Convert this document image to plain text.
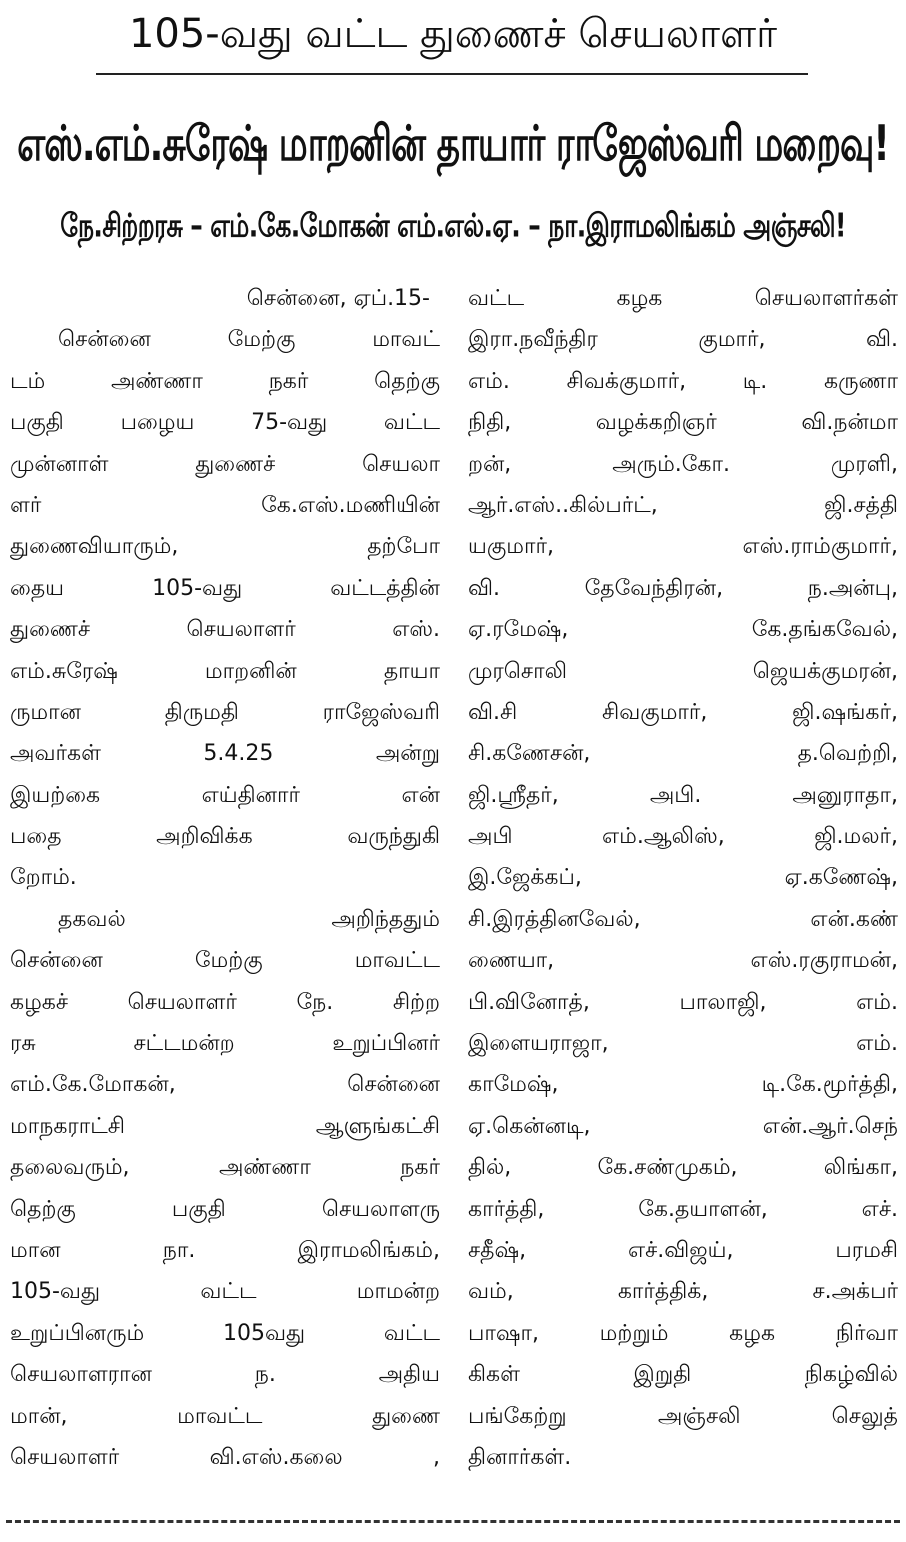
105-வது வட்ட துணைச் செயலாளர்
எஸ்.எம்.சுரேஷ் மாறனின் தாயார் ராஜேஸ்வரி மறைவு!
நே.சிற்றரசு – எம்.கே.மோகன் எம்.எல்.ஏ. – நா.இராமலிங்கம் அஞ்சலி!
சென்னை, ஏப்.15-
சென்னை மேற்கு மாவட்
டம் அண்ணா நகர் தெற்கு
பகுதி பழைய 75-வது வட்ட
முன்னாள் துணைச் செயலா
ளர் கே.எஸ்.மணியின்
துணைவியாரும், தற்போ
தைய 105-வது வட்டத்தின்
துணைச் செயலாளர் எஸ்.
எம்.சுரேஷ் மாறனின் தாயா
ருமான திருமதி ராஜேஸ்வரி
அவர்கள் 5.4.25 அன்று
இயற்கை எய்தினார் என்
பதை அறிவிக்க வருந்துகி
றோம்.
தகவல் அறிந்ததும்
சென்னை மேற்கு மாவட்ட
கழகச் செயலாளர் நே. சிற்ற
ரசு சட்டமன்ற உறுப்பினர்
எம்.கே.மோகன், சென்னை
மாநகராட்சி ஆளுங்கட்சி
தலைவரும், அண்ணா நகர்
தெற்கு பகுதி செயலாளரு
மான நா. இராமலிங்கம்,
105-வது வட்ட மாமன்ற
உறுப்பினரும் 105வது வட்ட
செயலாளரான ந. அதிய
மான், மாவட்ட துணை
செயலாளர் வி.எஸ்.கலை ,
வட்ட கழக செயலாளர்கள்
இரா.நவீந்திர குமார், வி.
எம். சிவக்குமார், டி. கருணா
நிதி, வழக்கறிஞர் வி.நன்மா
றன், அரும்.கோ. முரளி,
ஆர்.எஸ்..கில்பர்ட், ஜி.சத்தி
யகுமார், எஸ்.ராம்குமார்,
வி. தேவேந்திரன், ந.அன்பு,
ஏ.ரமேஷ், கே.தங்கவேல்,
முரசொலி ஜெயக்குமரன்,
வி.சி சிவகுமார், ஜி.ஷங்கர்,
சி.கணேசன், த.வெற்றி,
ஜி.ஸ்ரீதர், அபி. அனுராதா,
அபி எம்.ஆலிஸ், ஜி.மலர்,
இ.ஜேக்கப், ஏ.கணேஷ்,
சி.இரத்தினவேல், என்.கண்
ணையா, எஸ்.ரகுராமன்,
பி.வினோத், பாலாஜி, எம்.
இளையராஜா, எம்.
காமேஷ், டி.கே.மூர்த்தி,
ஏ.கென்னடி, என்.ஆர்.செந்
தில், கே.சண்முகம், லிங்கா,
கார்த்தி, கே.தயாளன், எச்.
சதீஷ், எச்.விஜய், பரமசி
வம், கார்த்திக், ச.அக்பர்
பாஷா, மற்றும் கழக நிர்வா
கிகள் இறுதி நிகழ்வில்
பங்கேற்று அஞ்சலி செலுத்
தினார்கள்.
